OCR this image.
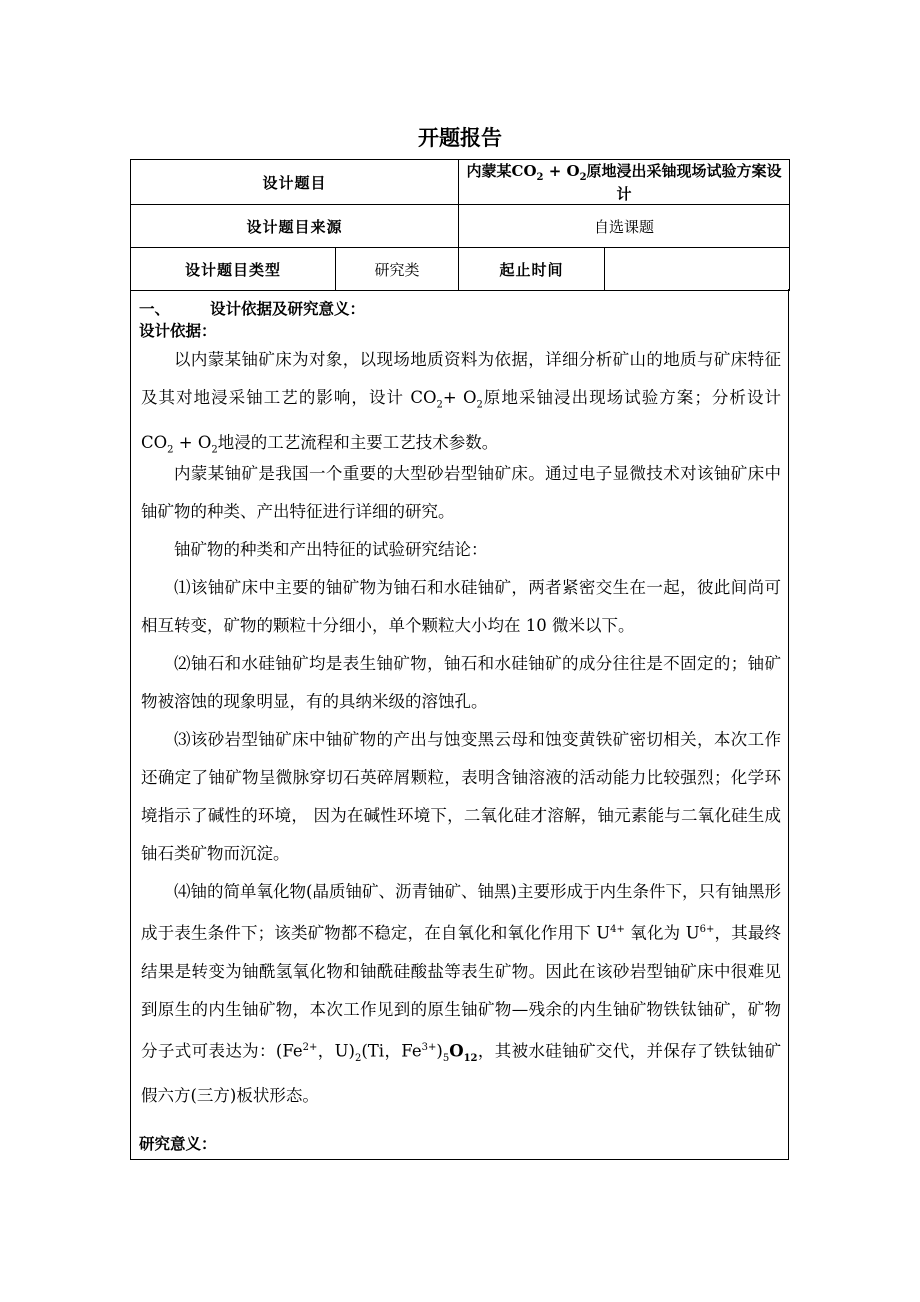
开题报告
设计题目		内蒙某$CO_2 + O_2$原地浸出采铀现场试验方案设计	
设计题目来源		自选课题	
设计题目类型	研究类	起止时间	
一、	设计依据及研究意义：
设计依据：

以内蒙某铀矿床为对象，以现场地质资料为依据，详细分析矿山的地质与矿床特征及其对地浸采铀工艺的影响，设计 $CO_2+ O_2$原地采铀浸出现场试验方案；分析设计 $CO_2 + O_2$地浸的工艺流程和主要工艺技术参数。

内蒙某铀矿是我国一个重要的大型砂岩型铀矿床。通过电子显微技术对该铀矿床中铀矿物的种类、产出特征进行详细的研究。

铀矿物的种类和产出特征的试验研究结论：

⑴该铀矿床中主要的铀矿物为铀石和水硅铀矿，两者紧密交生在一起，彼此间尚可相互转变，矿物的颗粒十分细小，单个颗粒大小均在 10 微米以下。

⑵铀石和水硅铀矿均是表生铀矿物，铀石和水硅铀矿的成分往往是不固定的；铀矿物被溶蚀的现象明显，有的具纳米级的溶蚀孔。

⑶该砂岩型铀矿床中铀矿物的产出与蚀变黑云母和蚀变黄铁矿密切相关，本次工作还确定了铀矿物呈微脉穿切石英碎屑颗粒，表明含铀溶液的活动能力比较强烈；化学环境指示了碱性的环境， 因为在碱性环境下，二氧化硅才溶解，铀元素能与二氧化硅生成铀石类矿物而沉淀。

⑷铀的简单氧化物(晶质铀矿、沥青铀矿、铀黑)主要形成于内生条件下，只有铀黑形成于表生条件下；该类矿物都不稳定，在自氧化和氧化作用下 $U^{4+}$ 氧化为 $U^{6+}$，其最终结果是转变为铀酰氢氧化物和铀酰硅酸盐等表生矿物。因此在该砂岩型铀矿床中很难见到原生的内生铀矿物，本次工作见到的原生铀矿物—残余的内生铀矿物铁钛铀矿，矿物分子式可表达为：($Fe^{2+}$，$U)_2(Ti$，$Fe^{3+})_5O_{12}$，其被水硅铀矿交代，并保存了铁钛铀矿假六方(三方)板状形态。

研究意义：
